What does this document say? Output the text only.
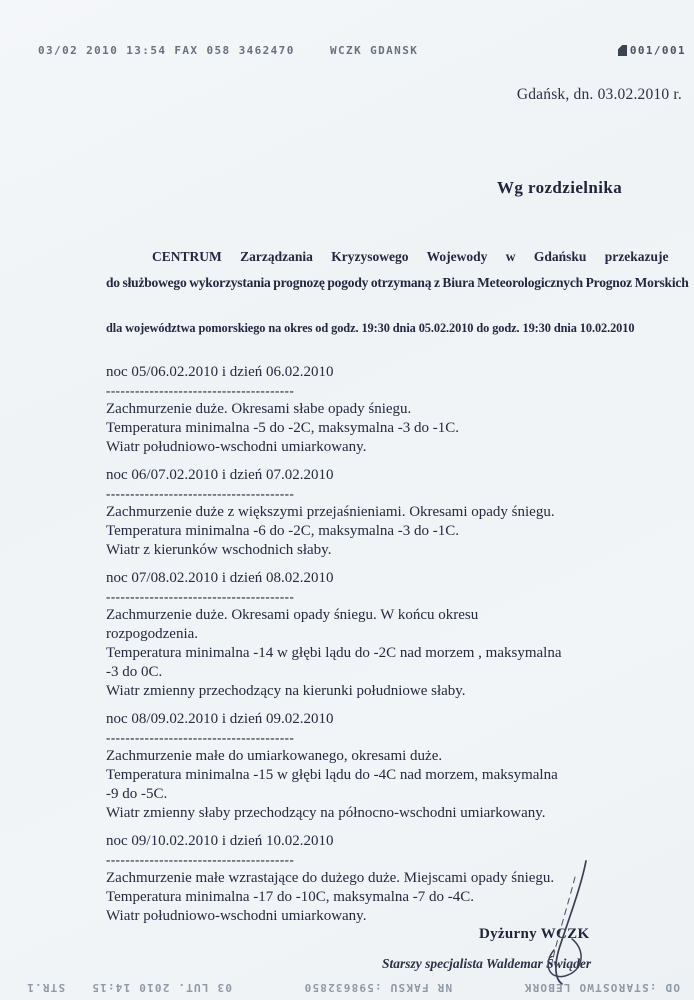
03/02 2010 13:54 FAX 058 3462470	WCZK GDANSK	001/001
Gdańsk, dn. 03.02.2010 r.
Wg rozdzielnika
CENTRUM Zarządzania Kryzysowego Wojewody w Gdańsku przekazuje
do służbowego wykorzystania prognozę pogody otrzymaną z Biura Meteorologicznych Prognoz Morskich
dla województwa pomorskiego na okres od godz. 19:30 dnia 05.02.2010 do godz. 19:30 dnia 10.02.2010
noc 05/06.02.2010 i dzień 06.02.2010
---------------------------------------
Zachmurzenie duże. Okresami słabe opady śniegu.
Temperatura minimalna -5 do -2C, maksymalna -3 do -1C.
Wiatr południowo-wschodni umiarkowany.
noc 06/07.02.2010 i dzień 07.02.2010
---------------------------------------
Zachmurzenie duże z większymi przejaśnieniami. Okresami opady śniegu.
Temperatura minimalna -6 do -2C, maksymalna -3 do -1C.
Wiatr z kierunków wschodnich słaby.
noc 07/08.02.2010 i dzień 08.02.2010
---------------------------------------
Zachmurzenie duże. Okresami opady śniegu. W końcu okresu
rozpogodzenia.
Temperatura minimalna -14 w głębi lądu do -2C nad morzem , maksymalna
-3 do 0C.
Wiatr zmienny przechodzący na kierunki południowe słaby.
noc 08/09.02.2010 i dzień 09.02.2010
---------------------------------------
Zachmurzenie małe do umiarkowanego, okresami duże.
Temperatura minimalna -15 w głębi lądu do -4C nad morzem, maksymalna
-9 do -5C.
Wiatr zmienny słaby przechodzący na północno-wschodni umiarkowany.
noc 09/10.02.2010 i dzień 10.02.2010
---------------------------------------
Zachmurzenie małe wzrastające do dużego duże. Miejscami opady śniegu.
Temperatura minimalna -17 do -10C, maksymalna -7 do -4C.
Wiatr południowo-wschodni umiarkowany.
Dyżurny WCZK
Starszy specjalista Waldemar Świąder
OD :STAROSTWO LEBORK
NR FAKSU :598632850
03 LUT. 2010 14:15
STR.1
